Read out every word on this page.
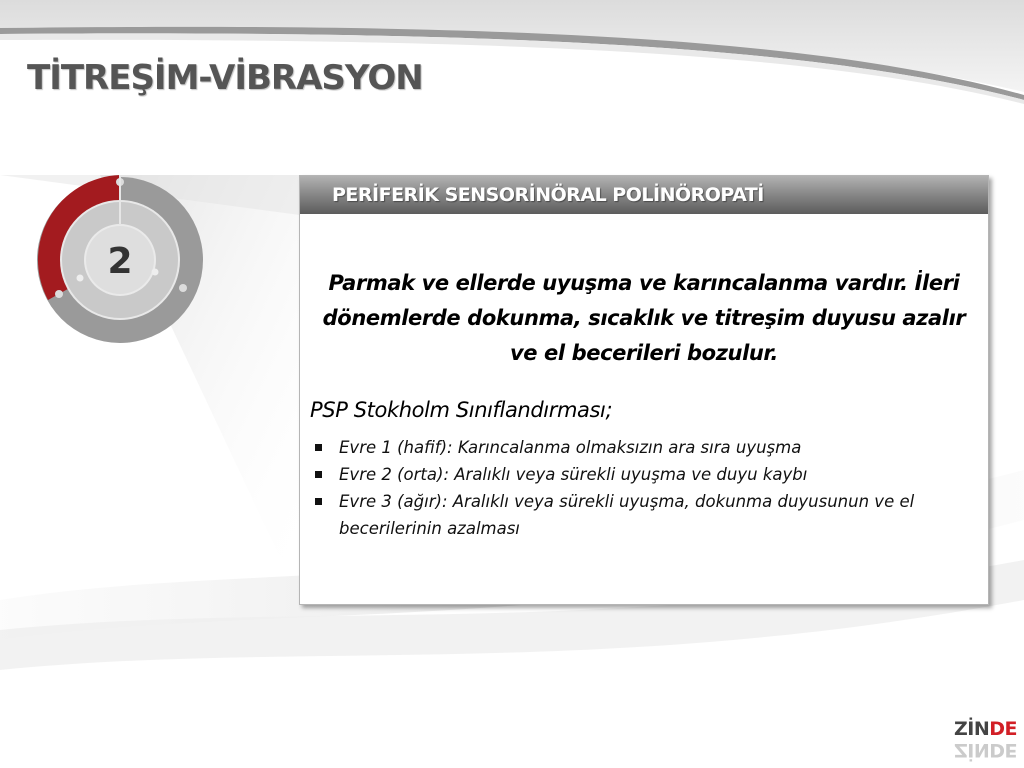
TİTREŞİM-VİBRASYON
2
PERİFERİK SENSORİNÖRAL POLİNÖROPATİ
Parmak ve ellerde uyuşma ve karıncalanma vardır. İleri dönemlerde dokunma, sıcaklık ve titreşim duyusu azalır ve el becerileri bozulur.
PSP Stokholm Sınıflandırması;
Evre 1 (hafif): Karıncalanma olmaksızın ara sıra uyuşma
Evre 2 (orta): Aralıklı veya sürekli uyuşma ve duyu kaybı
Evre 3 (ağır): Aralıklı veya sürekli uyuşma, dokunma duyusunun ve el becerilerinin azalması
ZİNDE
ZİNDE
